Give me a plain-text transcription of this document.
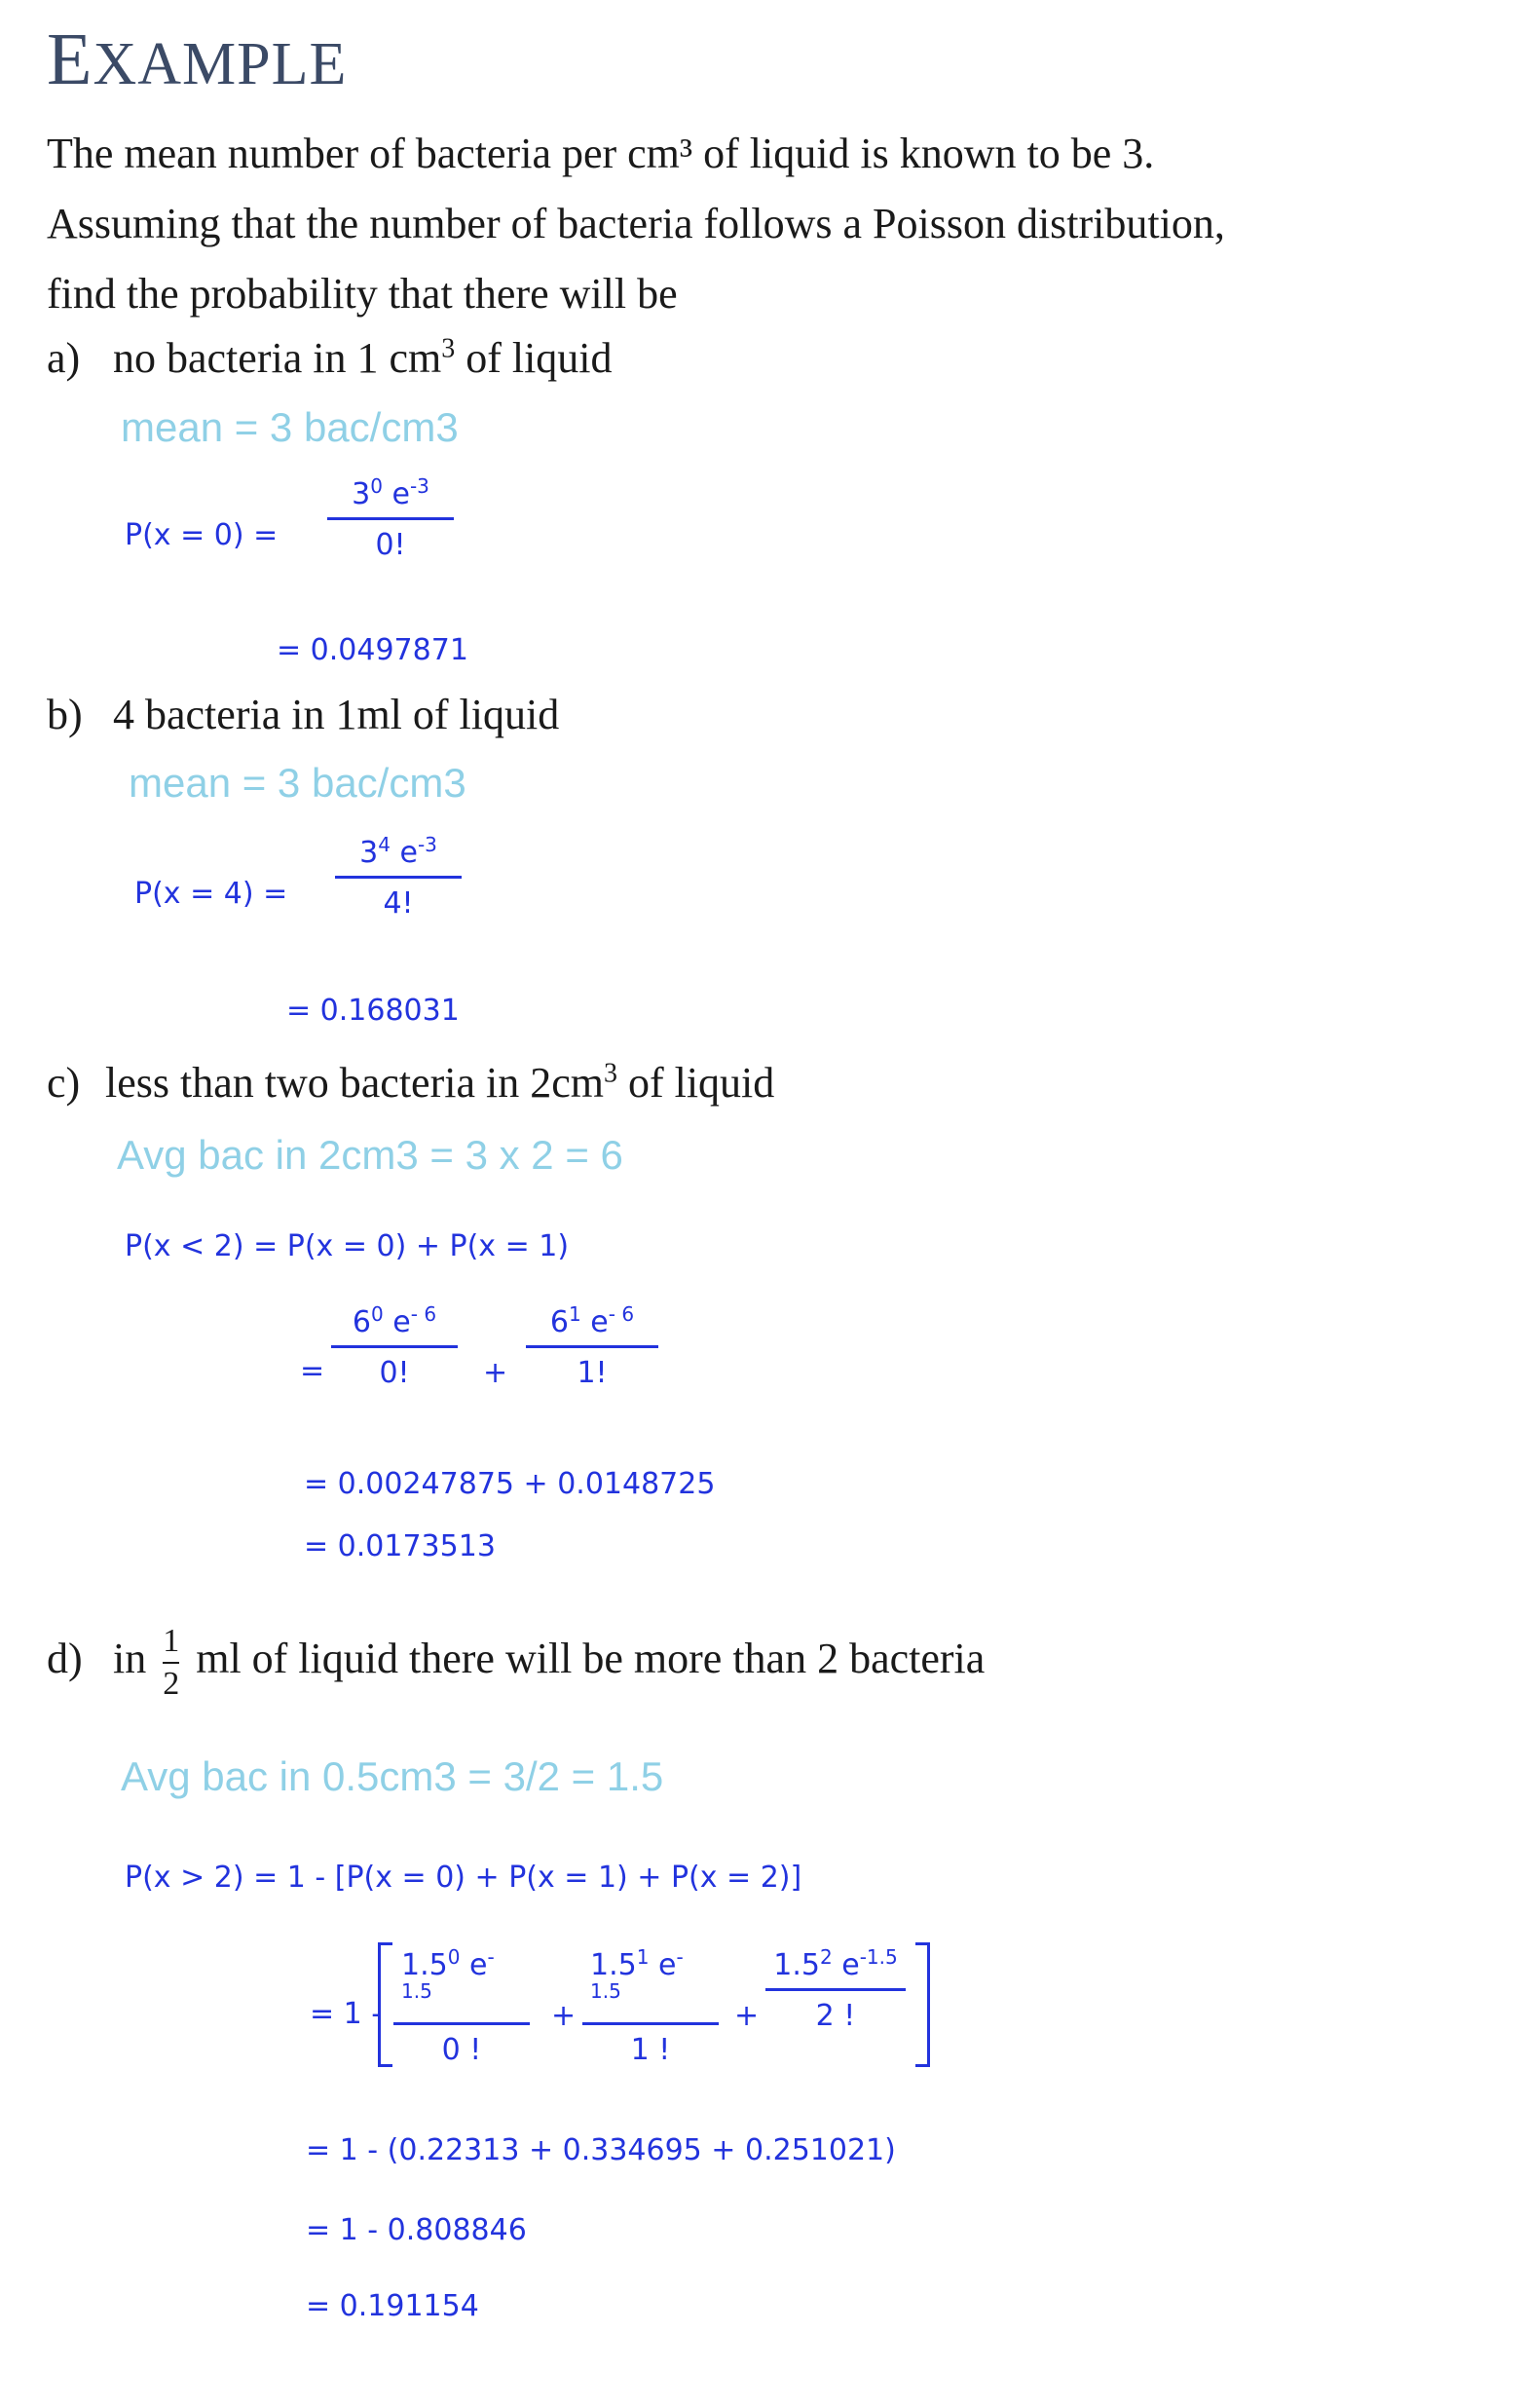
EXAMPLE
The mean number of bacteria per cm³ of liquid is known to be 3.
Assuming that the number of bacteria follows a Poisson distribution,
find the probability that there will be
a) no bacteria in 1 $cm^3$ of liquid
mean = 3 bac/cm3
P(x = 0) =
$3^0$ $e^{-3}$
0!
= 0.0497871
b) 4 bacteria in 1ml of liquid
mean = 3 bac/cm3
P(x = 4) =
$3^4$ $e^{-3}$
4!
= 0.168031
c) less than two bacteria in $2cm^3$ of liquid
Avg bac in 2cm3 = 3 x 2 = 6
P(x < 2) = P(x = 0) + P(x = 1)
=
$6^0$ $e^{- 6}$
0!	+
$6^1$ $e^{- 6}$
1!
= 0.00247875 + 0.0148725
= 0.0173513
d) in $\frac{1}{2}$ ml of liquid there will be more than 2 bacteria
Avg bac in 0.5cm3 = 3/2 = 1.5
P(x > 2) = 1 - [P(x = 0) + P(x = 1) + P(x = 2)]
= 1 -
$1.5^0$ $e^{-1.5}$
0 !
+
$1.5^1$ $e^{-1.5}$
1 !
+
$1.5^2$ $e^{-1.5}$
2 !
= 1 - (0.22313 + 0.334695 + 0.251021)
= 1 - 0.808846
= 0.191154
